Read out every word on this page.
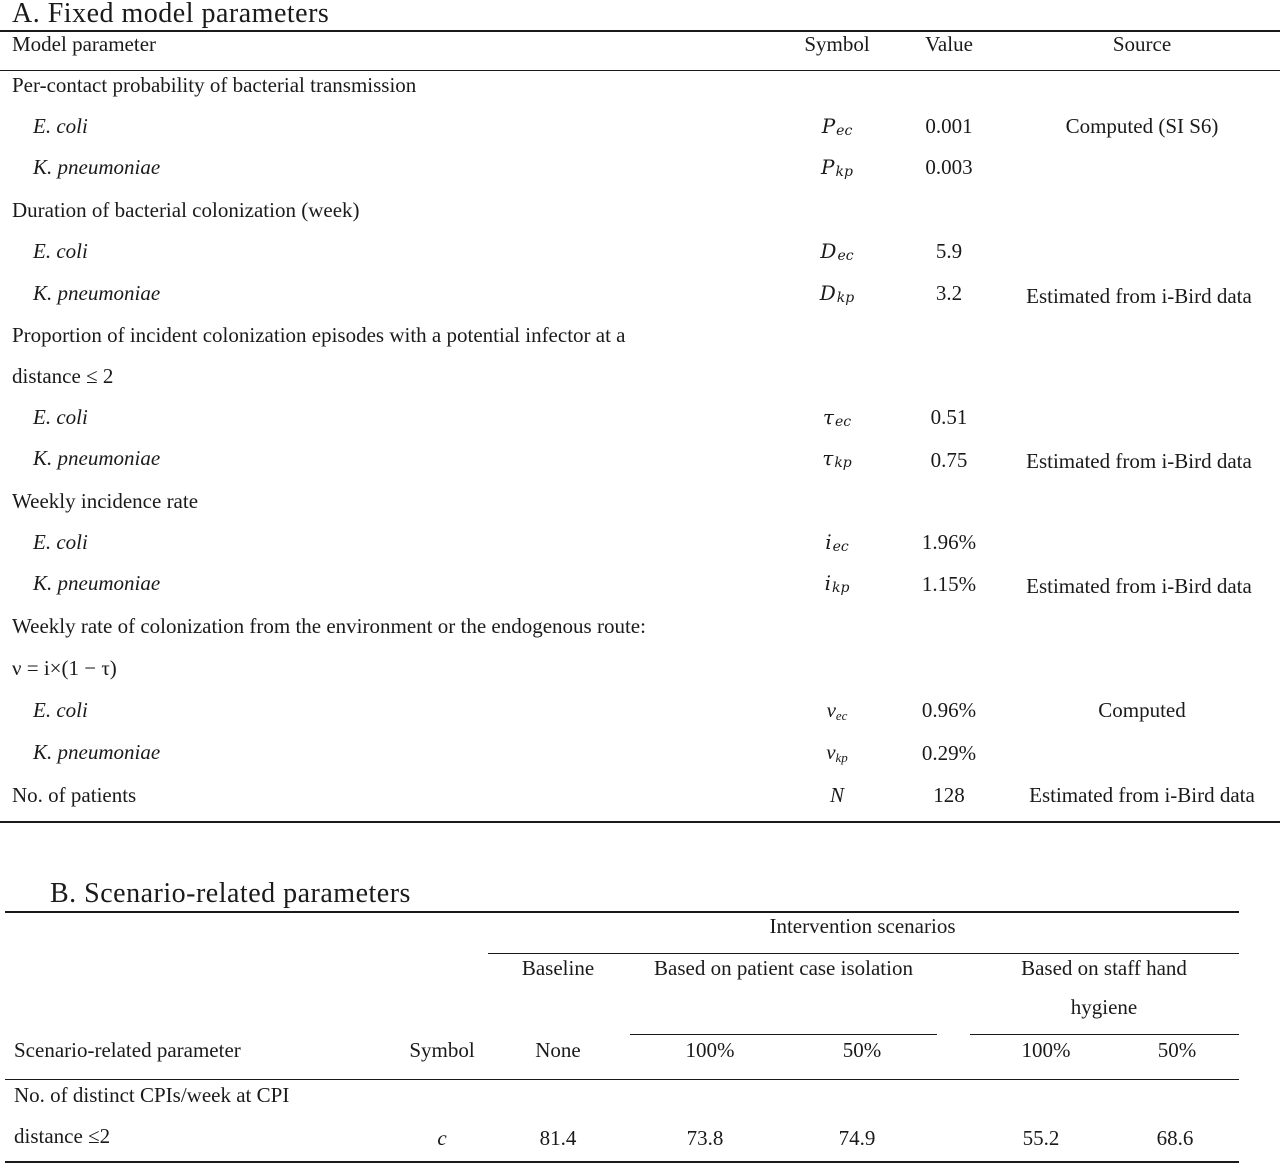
A. Fixed model parameters
Model parameter	Symbol	Value	Source
Per-contact probability of bacterial transmission
E. coli	$P_{ec}$	0.001	Computed (SI S6)
K. pneumoniae	$P_{kp}$	0.003
Duration of bacterial colonization (week)
E. coli	$D_{ec}$	5.9
K. pneumoniae	$D_{kp}$	3.2	Estimated from i-Bird data
Proportion of incident colonization episodes with a potential infector at a
distance ≤ 2
E. coli	$\tau_{ec}$	0.51
K. pneumoniae	$\tau_{kp}$	0.75	Estimated from i-Bird data
Weekly incidence rate
E. coli	$i_{ec}$	1.96%
K. pneumoniae	$i_{kp}$	1.15%	Estimated from i-Bird data
Weekly rate of colonization from the environment or the endogenous route:
ν = i×(1 − τ)
E. coli	$\nu_{ec}$	0.96%	Computed
K. pneumoniae	$\nu_{kp}$	0.29%
No. of patients	N	128	Estimated from i-Bird data
B. Scenario-related parameters
Intervention scenarios
Baseline	Based on patient case isolation	Based on staff hand
hygiene
Scenario-related parameter	Symbol	None	100%	50%	100%	50%
No. of distinct CPIs/week at CPI
distance ≤2	c	81.4	73.8	74.9	55.2	68.6
